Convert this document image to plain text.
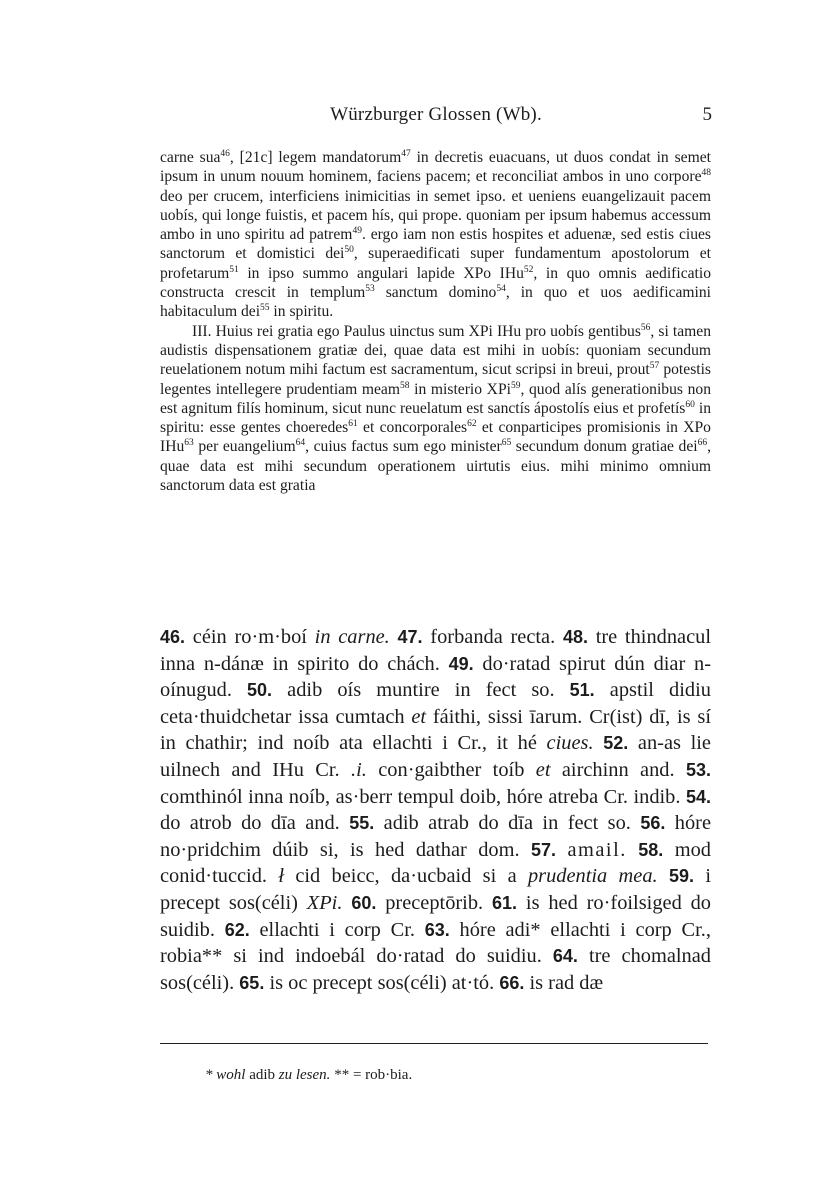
Würzburger Glossen (Wb).	5

carne sua$^{46}$, [21c] legem mandatorum$^{47}$ in decretis euacuans, ut duos condat in semet ipsum in unum nouum hominem, faciens pacem; et reconciliat ambos in uno corpore$^{48}$ deo per crucem, interficiens inimicitias in semet ipso. et ueniens euangelizauit pacem uobís, qui longe fuistis, et pacem hís, qui prope. quoniam per ipsum habemus accessum ambo in uno spiritu ad patrem$^{49}$. ergo iam non estis hospites et aduenæ, sed estis ciues sanctorum et domistici dei$^{50}$, superaedificati super fundamentum apostolorum et profetarum$^{51}$ in ipso summo angulari lapide XPo IHu$^{52}$, in quo omnis aedificatio constructa crescit in templum$^{53}$ sanctum domino$^{54}$, in quo et uos aedificamini habitaculum dei$^{55}$ in spiritu.

III. Huius rei gratia ego Paulus uinctus sum XPi IHu pro uobís gentibus$^{56}$, si tamen audistis dispensationem gratiæ dei, quae data est mihi in uobís: quoniam secundum reuelationem notum mihi factum est sacramentum, sicut scripsi in breui, prout$^{57}$ potestis legentes intellegere prudentiam meam$^{58}$ in misterio XPi$^{59}$, quod alís generationibus non est agnitum filís hominum, sicut nunc reuelatum est sanctís ápostolís eius et profetís$^{60}$ in spiritu: esse gentes choeredes$^{61}$ et concorporales$^{62}$ et conparticipes promisionis in XPo IHu$^{63}$ per euangelium$^{64}$, cuius factus sum ego minister$^{65}$ secundum donum gratiae dei$^{66}$, quae data est mihi secundum operationem uirtutis eius. mihi minimo omnium sanctorum data est gratia

46. céin ro·m·boí in carne. 47. forbanda recta. 48. tre thindnacul inna n-dánæ in spirito do chách. 49. do·ratad spirut dún diar n-oínugud. 50. adib oís muntire in fect so. 51. apstil didiu ceta·thuidchetar issa cumtach et fáithi, sissi īarum. Cr(ist) dī, is sí in chathir; ind noíb ata ellachti i Cr., it hé ciues. 52. an-as lie uilnech and IHu Cr. .i. con·gaibther toíb et airchinn and. 53. comthinól inna noíb, as·berr tempul doib, hóre atreba Cr. indib. 54. do atrob do dīa and. 55. adib atrab do dīa in fect so. 56. hóre no·pridchim dúib si, is hed dathar dom. 57. amail. 58. mod conid·tuccid. ł cid beicc, da·ucbaid si a prudentia mea. 59. i precept sos(céli) XPi. 60. preceptōrib. 61. is hed ro·foilsiged do suidib. 62. ellachti i corp Cr. 63. hóre adi* ellachti i corp Cr., robia** si ind indoebál do·ratad do suidiu. 64. tre chomalnad sos(céli). 65. is oc precept sos(céli) at·tó. 66. is rad dæ

* wohl adib zu lesen. ** = rob·bia.
